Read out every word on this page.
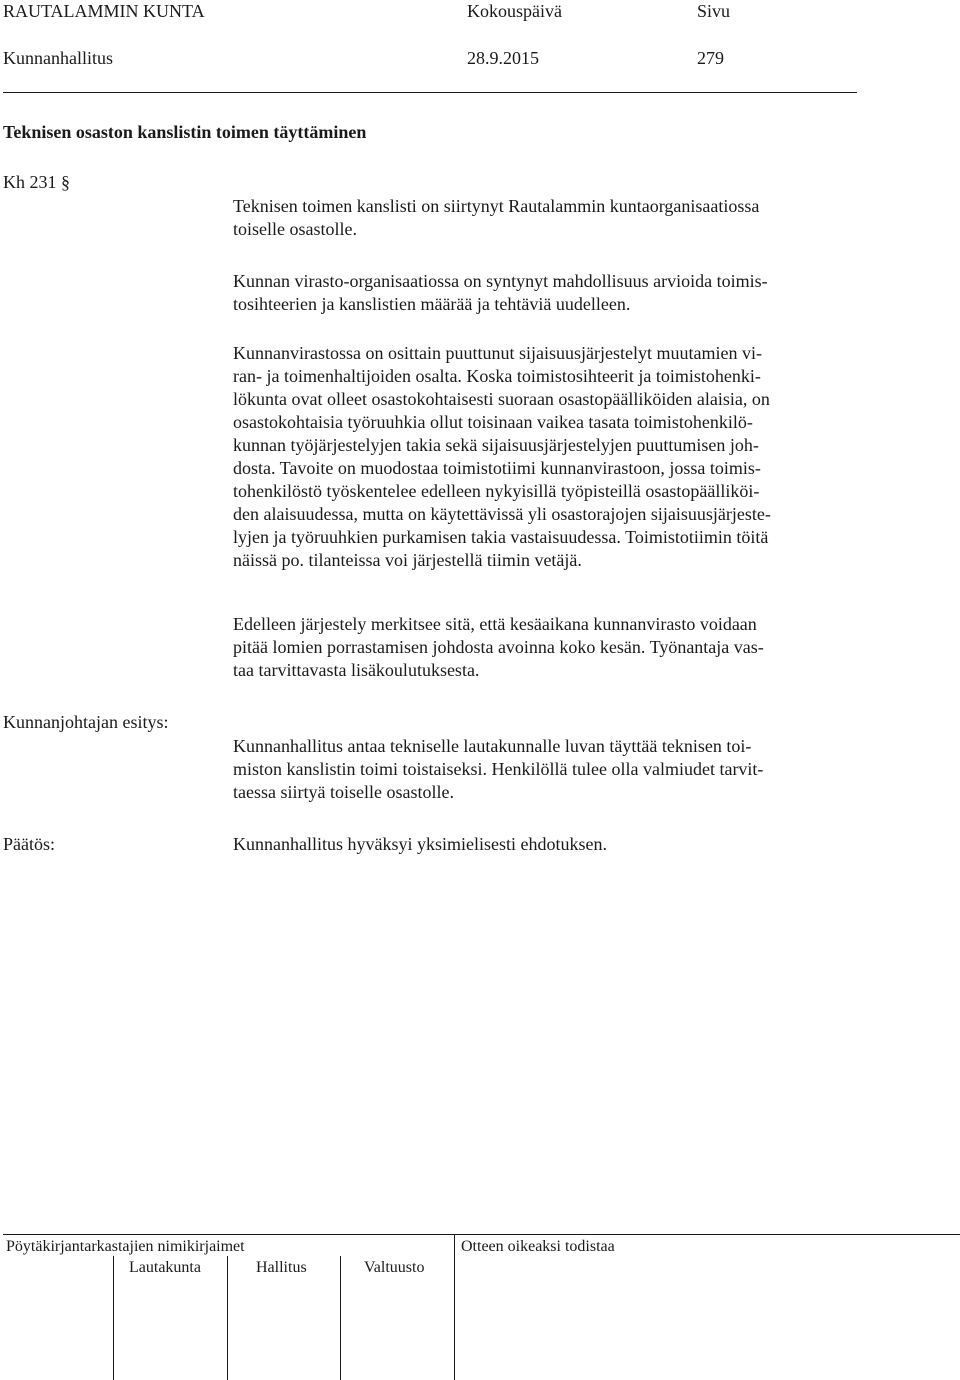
RAUTALAMMIN KUNTA	Kokouspäivä	Sivu
Kunnanhallitus	28.9.2015	279
Teknisen osaston kanslistin toimen täyttäminen
Kh 231 §
Teknisen toimen kanslisti on siirtynyt Rautalammin kuntaorganisaatiossa
toiselle osastolle.
Kunnan virasto-organisaatiossa on syntynyt mahdollisuus arvioida toimis-
tosihteerien ja kanslistien määrää ja tehtäviä uudelleen.
Kunnanvirastossa on osittain puuttunut sijaisuusjärjestelyt muutamien vi-
ran- ja toimenhaltijoiden osalta. Koska toimistosihteerit ja toimistohenki-
lökunta ovat olleet osastokohtaisesti suoraan osastopäälliköiden alaisia, on
osastokohtaisia työruuhkia ollut toisinaan vaikea tasata toimistohenkilö-
kunnan työjärjestelyjen takia sekä sijaisuusjärjestelyjen puuttumisen joh-
dosta. Tavoite on muodostaa toimistotiimi kunnanvirastoon, jossa toimis-
tohenkilöstö työskentelee edelleen nykyisillä työpisteillä osastopäälliköi-
den alaisuudessa, mutta on käytettävissä yli osastorajojen sijaisuusjärjeste-
lyjen ja työruuhkien purkamisen takia vastaisuudessa. Toimistotiimin töitä
näissä po. tilanteissa voi järjestellä tiimin vetäjä.
Edelleen järjestely merkitsee sitä, että kesäaikana kunnanvirasto voidaan
pitää lomien porrastamisen johdosta avoinna koko kesän. Työnantaja vas-
taa tarvittavasta lisäkoulutuksesta.
Kunnanjohtajan esitys:
Kunnanhallitus antaa tekniselle lautakunnalle luvan täyttää teknisen toi-
miston kanslistin toimi toistaiseksi. Henkilöllä tulee olla valmiudet tarvit-
taessa siirtyä toiselle osastolle.
Päätös:	Kunnanhallitus hyväksyi yksimielisesti ehdotuksen.
Pöytäkirjantarkastajien nimikirjaimet	Otteen oikeaksi todistaa
Lautakunta	Hallitus	Valtuusto
